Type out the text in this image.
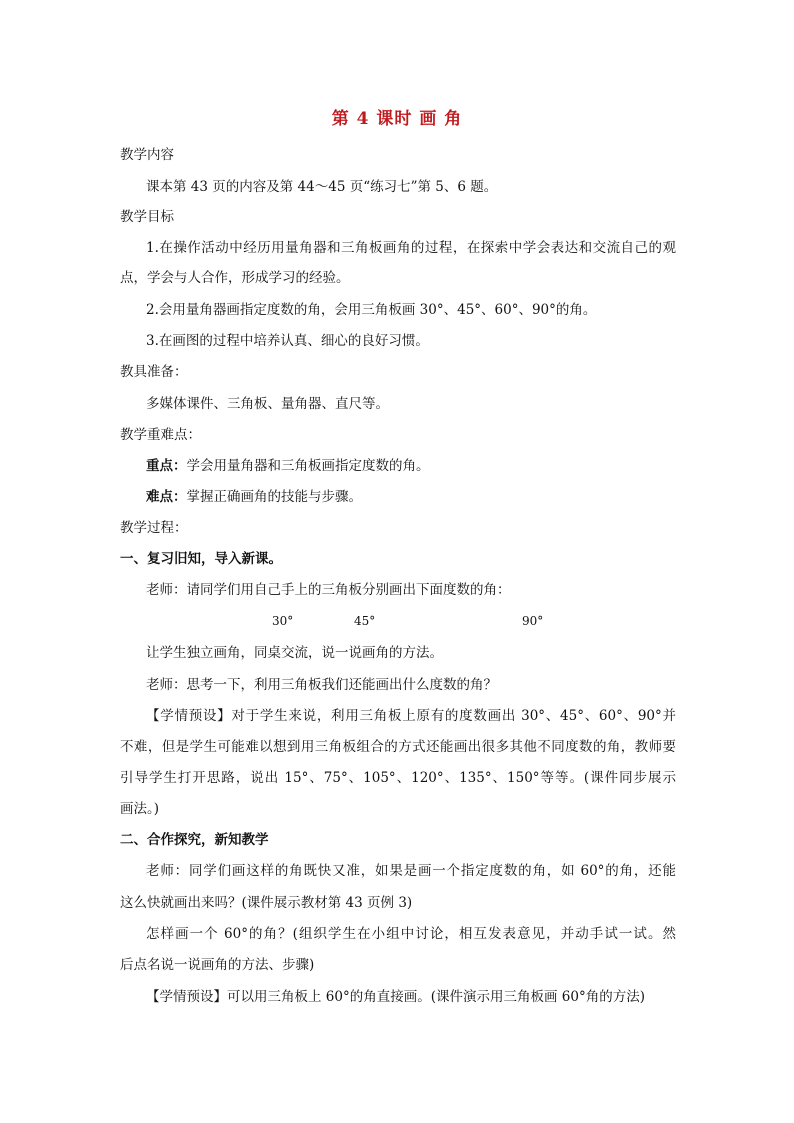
第 4 课时 画 角
教学内容
课本第 43 页的内容及第 44～45 页“练习七”第 5、6 题。
教学目标
1.在操作活动中经历用量角器和三角板画角的过程，在探索中学会表达和交流自己的观
点，学会与人合作，形成学习的经验。
2.会用量角器画指定度数的角，会用三角板画 30°、45°、60°、90°的角。
3.在画图的过程中培养认真、细心的良好习惯。
教具准备：
多媒体课件、三角板、量角器、直尺等。
教学重难点：
重点：学会用量角器和三角板画指定度数的角。
难点：掌握正确画角的技能与步骤。
教学过程：
一、复习旧知，导入新课。
老师：请同学们用自己手上的三角板分别画出下面度数的角：
30°	45°	90°
让学生独立画角，同桌交流，说一说画角的方法。
老师：思考一下，利用三角板我们还能画出什么度数的角？
【学情预设】对于学生来说，利用三角板上原有的度数画出 30°、45°、60°、90°并
不难，但是学生可能难以想到用三角板组合的方式还能画出很多其他不同度数的角，教师要
引导学生打开思路，说出 15°、75°、105°、120°、135°、150°等等。(课件同步展示
画法。)
二、合作探究，新知教学
老师：同学们画这样的角既快又准，如果是画一个指定度数的角，如 60°的角，还能
这么快就画出来吗？(课件展示教材第 43 页例 3)
怎样画一个 60°的角？(组织学生在小组中讨论，相互发表意见，并动手试一试。然
后点名说一说画角的方法、步骤)
【学情预设】可以用三角板上 60°的角直接画。(课件演示用三角板画 60°角的方法)
